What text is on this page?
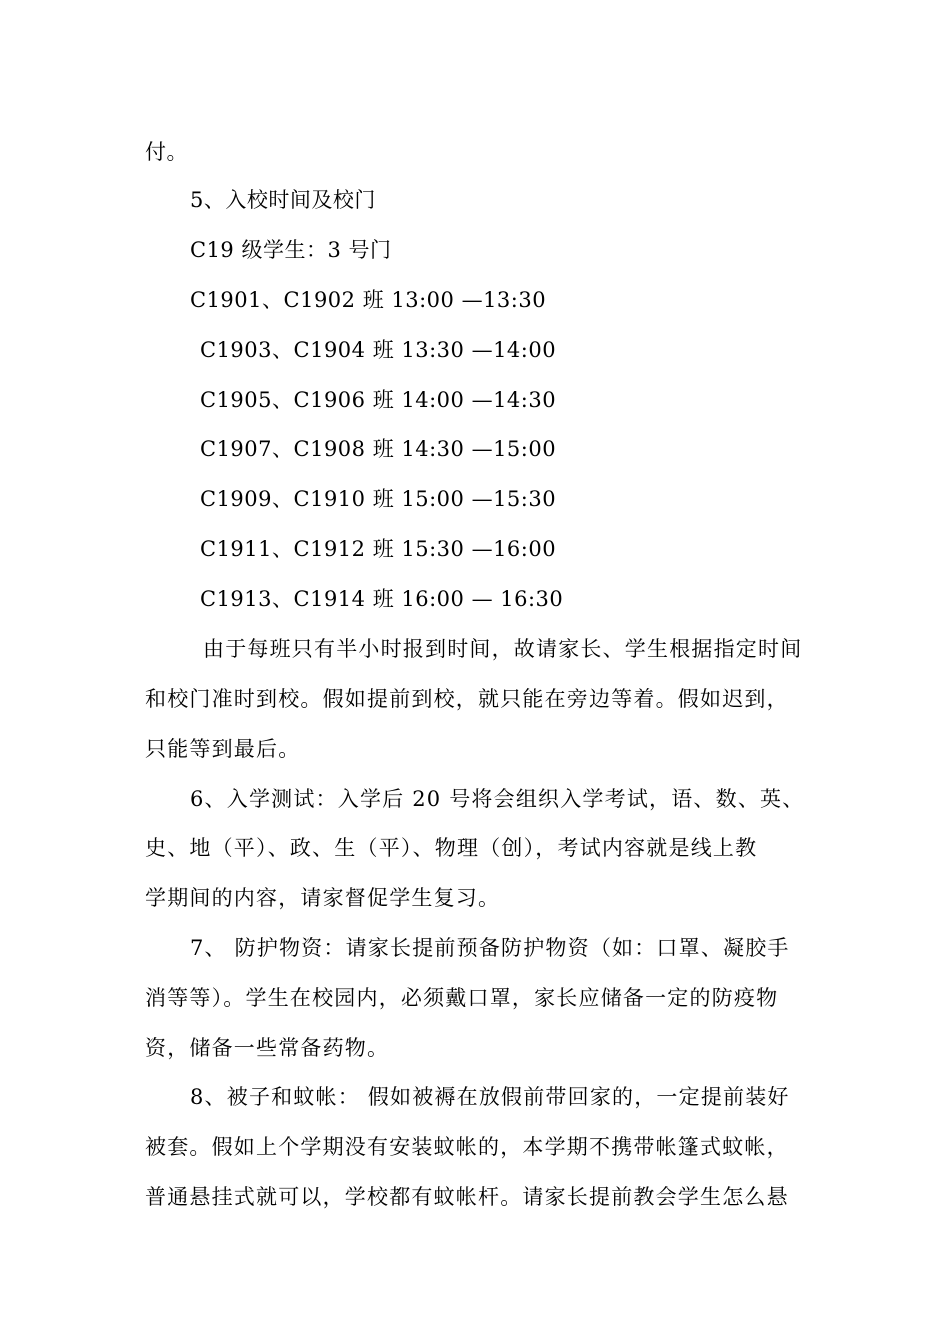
付。
5、入校时间及校门
C19 级学生：3 号门
C1901、C1902 班 13:00 —13:30
C1903、C1904 班 13:30 —14:00
C1905、C1906 班 14:00 —14:30
C1907、C1908 班 14:30 —15:00
C1909、C1910 班 15:00 —15:30
C1911、C1912 班 15:30 —16:00
C1913、C1914 班 16:00 — 16:30
由于每班只有半小时报到时间，故请家长、学生根据指定时间
和校门准时到校。假如提前到校，就只能在旁边等着。假如迟到，
只能等到最后。
6、入学测试：入学后 20 号将会组织入学考试，语、数、英、
史、地（平）、政、生（平）、物理（创），考试内容就是线上教
学期间的内容，请家督促学生复习。
7、 防护物资：请家长提前预备防护物资（如：口罩、凝胶手
消等等）。学生在校园内，必须戴口罩，家长应储备一定的防疫物
资，储备一些常备药物。
8、被子和蚊帐： 假如被褥在放假前带回家的，一定提前装好
被套。假如上个学期没有安装蚊帐的，本学期不携带帐篷式蚊帐，
普通悬挂式就可以，学校都有蚊帐杆。请家长提前教会学生怎么悬
